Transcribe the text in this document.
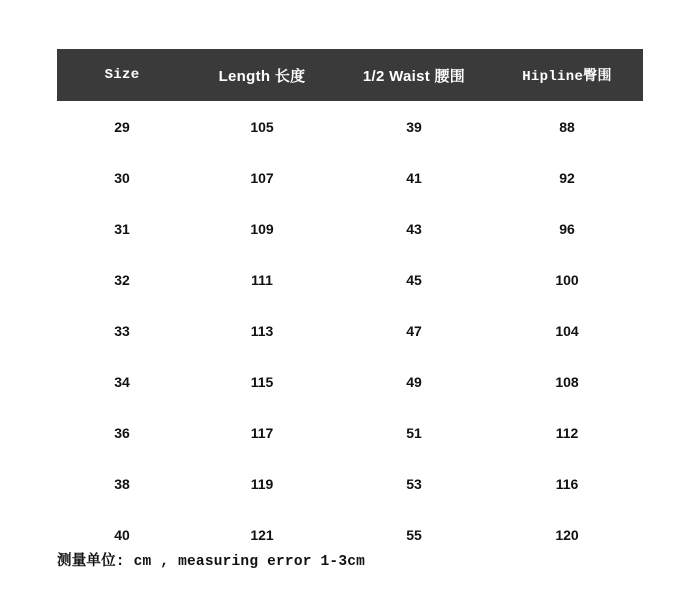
Size	Length 长度	1/2 Waist 腰围	Hipline臀围
29	105	39	88
30	107	41	92
31	109	43	96
32	111	45	100
33	113	47	104
34	115	49	108
36	117	51	112
38	119	53	116
40	121	55	120
测量单位: cm , measuring error 1-3cm
